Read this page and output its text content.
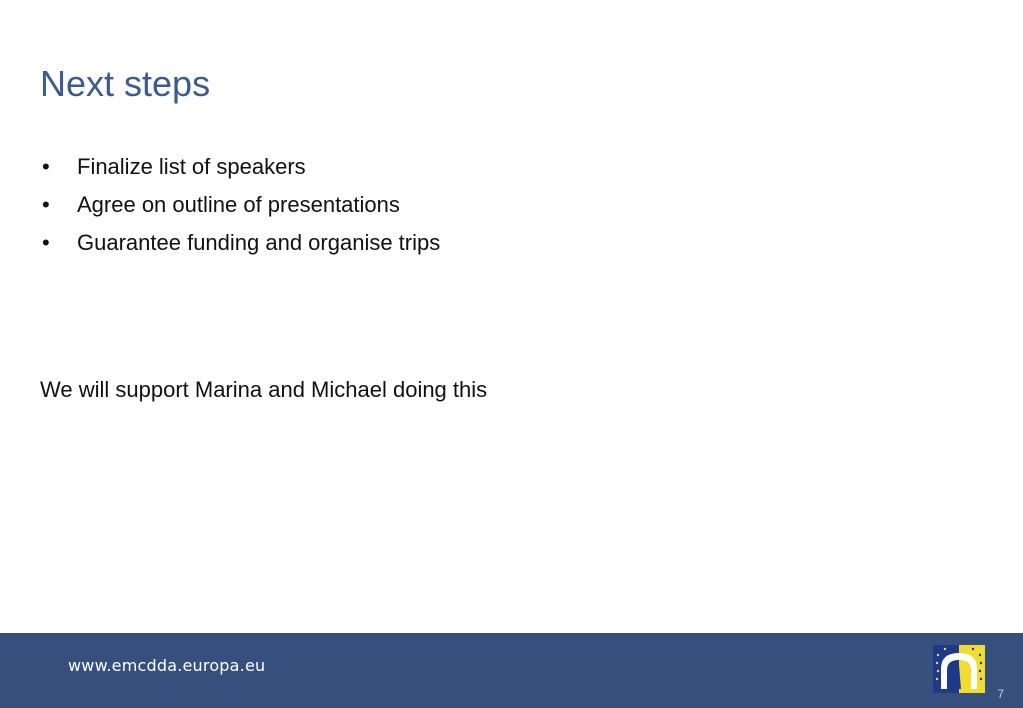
Next steps
• Finalize list of speakers
• Agree on outline of presentations
• Guarantee funding and organise trips

We will support Marina and Michael doing this

www.emcdda.europa.eu
7
